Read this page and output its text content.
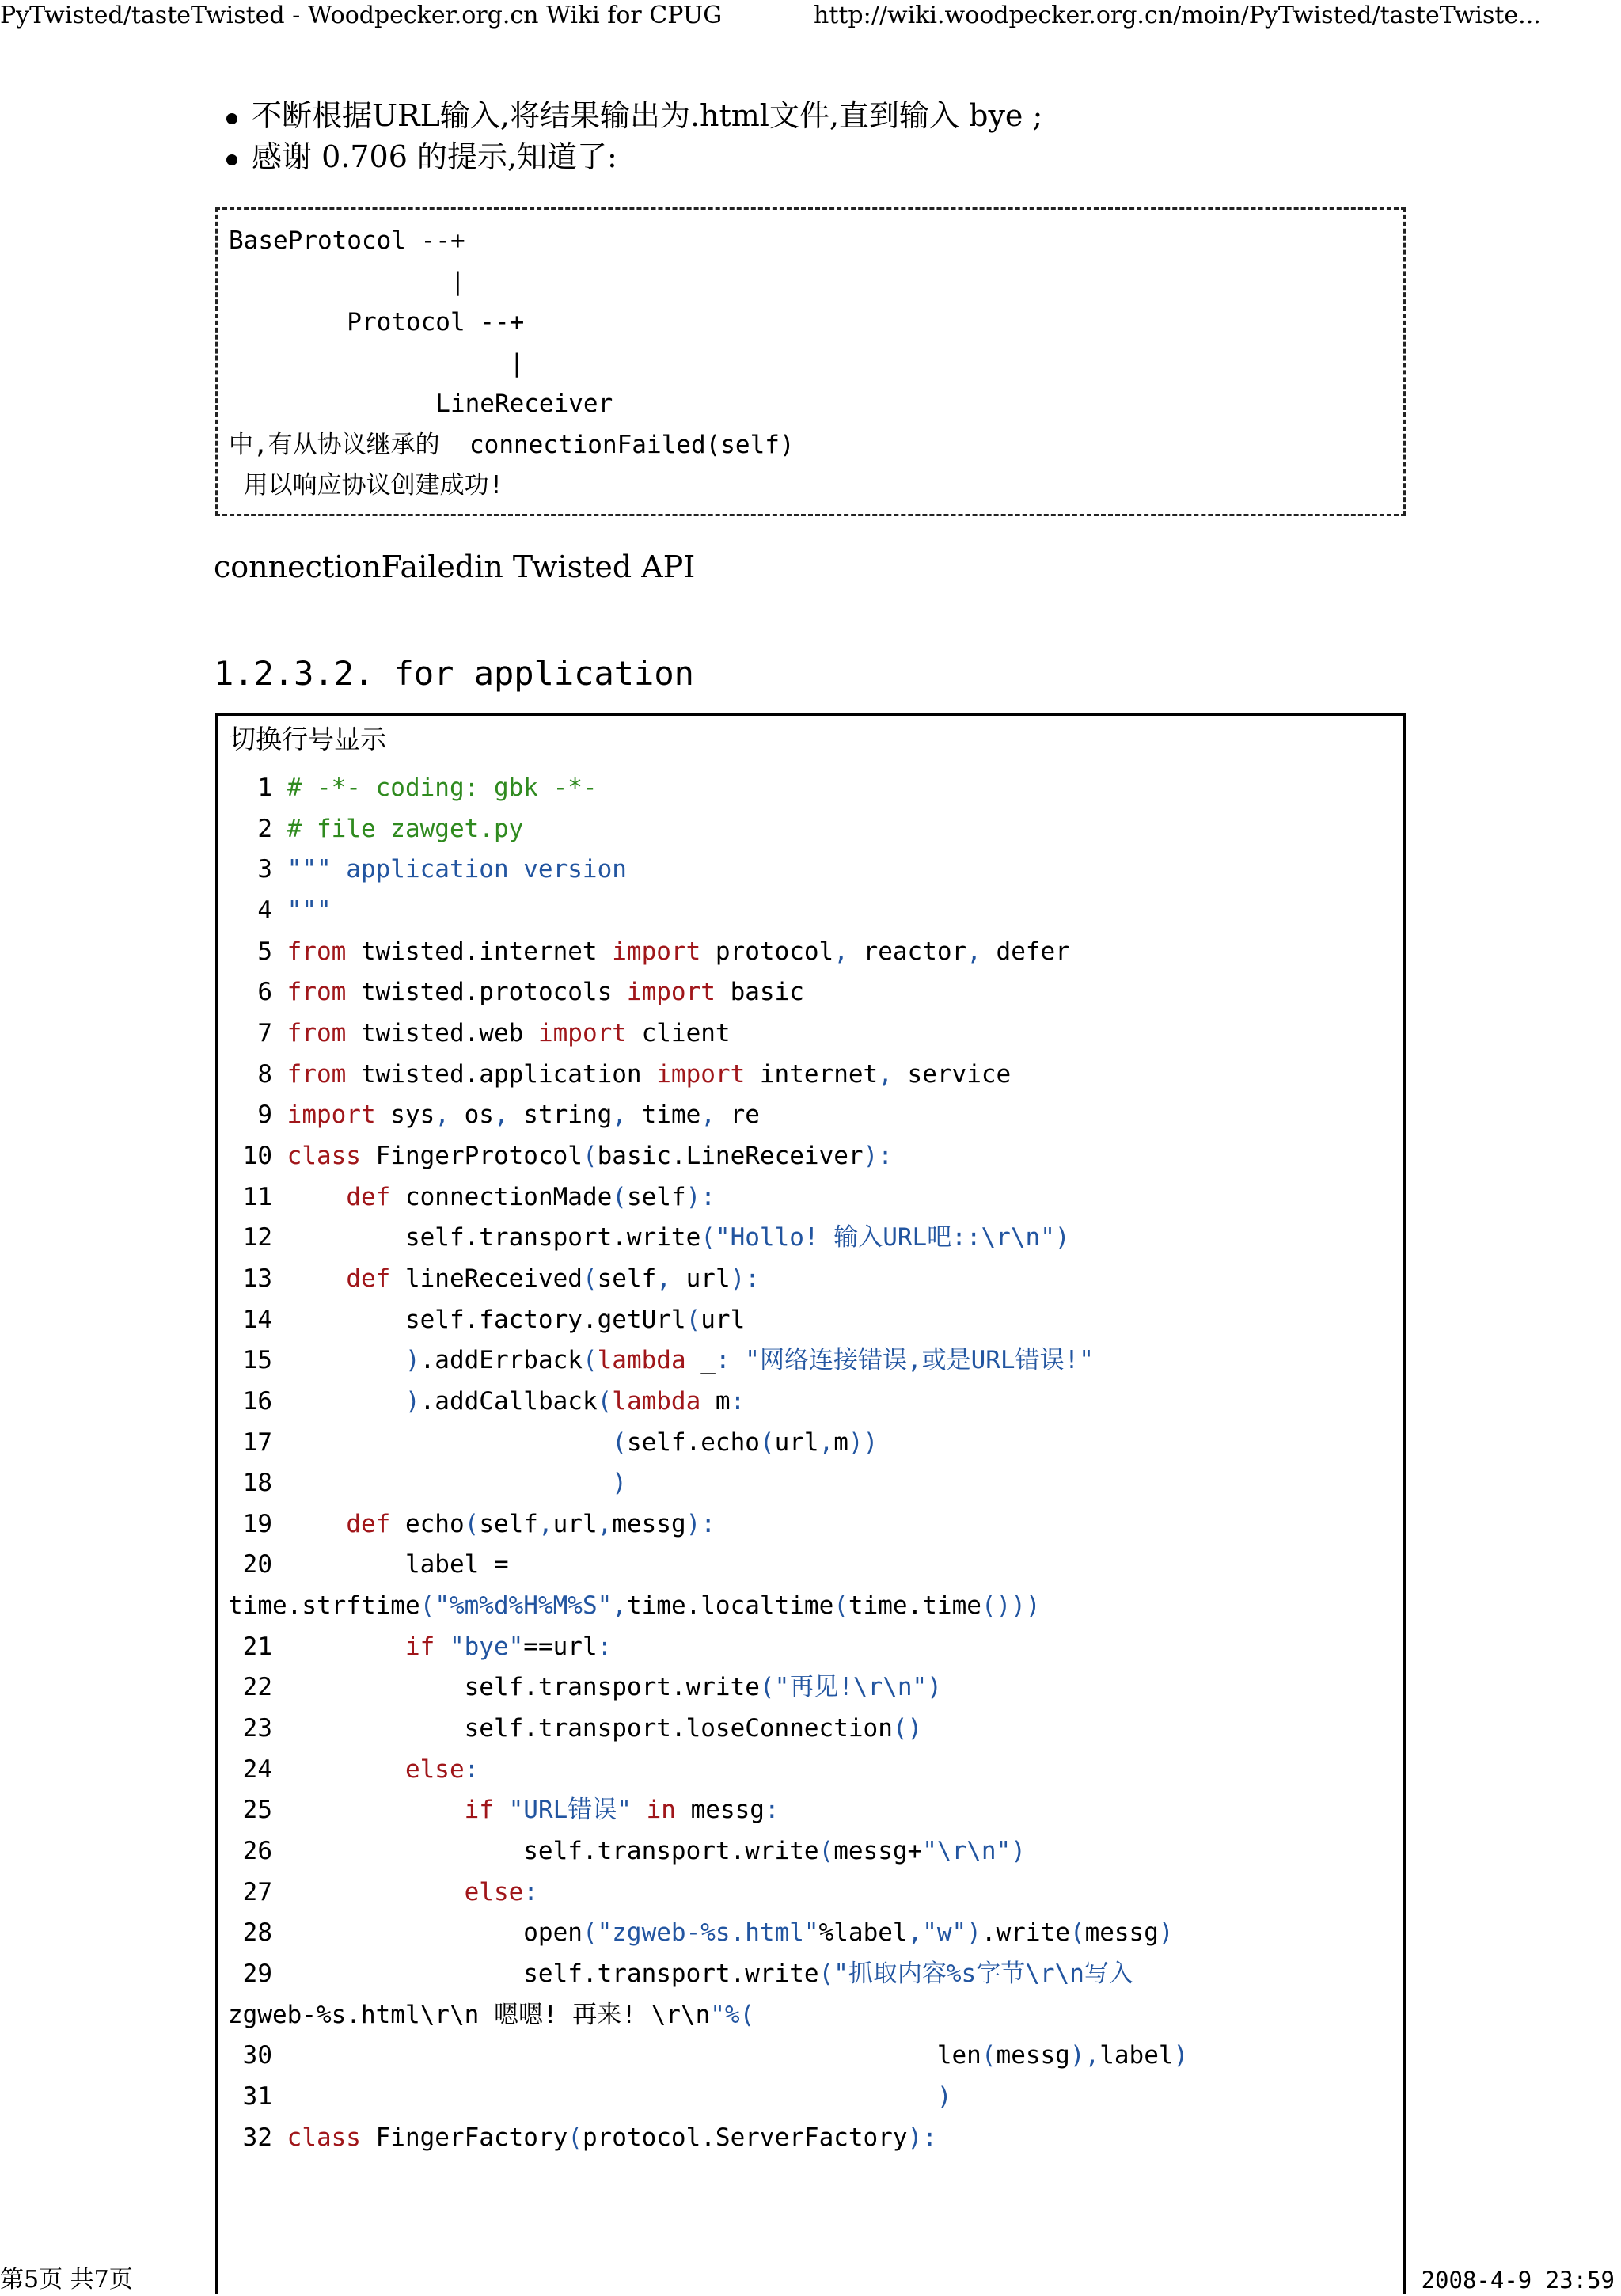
PyTwisted/tasteTwisted - Woodpecker.org.cn Wiki for CPUG	http://wiki.woodpecker.org.cn/moin/PyTwisted/tasteTwiste...
不断根据URL输入,将结果输出为.html文件,直到输入 bye ;
感谢 0.706 的提示,知道了:
BaseProtocol --+
|
Protocol --+
|
LineReceiver
中,有从协议继承的  connectionFailed(self)
用以响应协议创建成功!
connectionFailedin Twisted API
1.2.3.2. for application
切换行号显示
1 # -*- coding: gbk -*-
2 # file zawget.py
3 """ application version
4 """
5 from twisted.internet import protocol, reactor, defer
6 from twisted.protocols import basic
7 from twisted.web import client
8 from twisted.application import internet, service
9 import sys, os, string, time, re
10 class FingerProtocol(basic.LineReceiver):
11     def connectionMade(self):
12         self.transport.write("Hollo! 输入URL吧::\r\n")
13     def lineReceived(self, url):
14         self.factory.getUrl(url
15	).addErrback(lambda _: "网络连接错误,或是URL错误!"
16	).addCallback(lambda m:
17	(self.echo(url,m))
18	)
19     def echo(self,url,messg):
20         label =
time.strftime("%m%d%H%M%S",time.localtime(time.time()))
21	if "bye"==url:
22             self.transport.write("再见!\r\n")
23             self.transport.loseConnection()
24	else:
25	if "URL错误" in messg:
26                 self.transport.write(messg+"\r\n")
27	else:
28                 open("zgweb-%s.html"%label,"w").write(messg)
29                 self.transport.write("抓取内容%s字节\r\n写入
zgweb-%s.html\r\n 嗯嗯! 再来! \r\n"%(
30                                             len(messg),label)
31	)
32 class FingerFactory(protocol.ServerFactory):
第5页 共7页	2008-4-9 23:59
